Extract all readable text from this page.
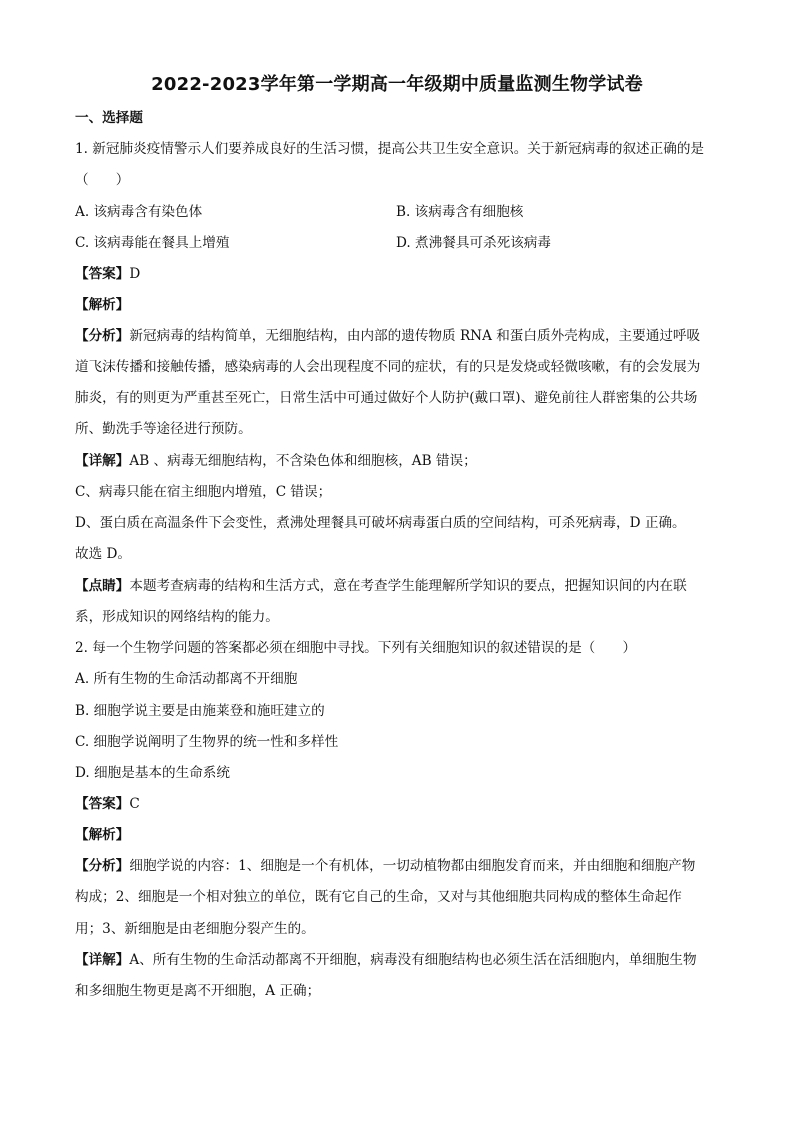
2022-2023学年第一学期高一年级期中质量监测生物学试卷
一、选择题
1. 新冠肺炎疫情警示人们要养成良好的生活习惯，提高公共卫生安全意识。关于新冠病毒的叙述正确的是
（　　）
A. 该病毒含有染色体	B. 该病毒含有细胞核
C. 该病毒能在餐具上增殖	D. 煮沸餐具可杀死该病毒
【答案】D
【解析】
【分析】新冠病毒的结构简单，无细胞结构，由内部的遗传物质 RNA 和蛋白质外壳构成，主要通过呼吸
道飞沫传播和接触传播，感染病毒的人会出现程度不同的症状，有的只是发烧或轻微咳嗽，有的会发展为
肺炎，有的则更为严重甚至死亡，日常生活中可通过做好个人防护(戴口罩)、避免前往人群密集的公共场
所、勤洗手等途径进行预防。
【详解】AB 、病毒无细胞结构，不含染色体和细胞核，AB 错误；
C、病毒只能在宿主细胞内增殖，C 错误；
D、蛋白质在高温条件下会变性，煮沸处理餐具可破坏病毒蛋白质的空间结构，可杀死病毒，D 正确。
故选 D。
【点睛】本题考查病毒的结构和生活方式，意在考查学生能理解所学知识的要点，把握知识间的内在联
系，形成知识的网络结构的能力。
2. 每一个生物学问题的答案都必须在细胞中寻找。下列有关细胞知识的叙述错误的是（　　）
A. 所有生物的生命活动都离不开细胞
B. 细胞学说主要是由施莱登和施旺建立的
C. 细胞学说阐明了生物界的统一性和多样性
D. 细胞是基本的生命系统
【答案】C
【解析】
【分析】细胞学说的内容：1、细胞是一个有机体，一切动植物都由细胞发育而来，并由细胞和细胞产物
构成；2、细胞是一个相对独立的单位，既有它自己的生命，又对与其他细胞共同构成的整体生命起作
用；3、新细胞是由老细胞分裂产生的。
【详解】A、所有生物的生命活动都离不开细胞，病毒没有细胞结构也必须生活在活细胞内，单细胞生物
和多细胞生物更是离不开细胞，A 正确；
